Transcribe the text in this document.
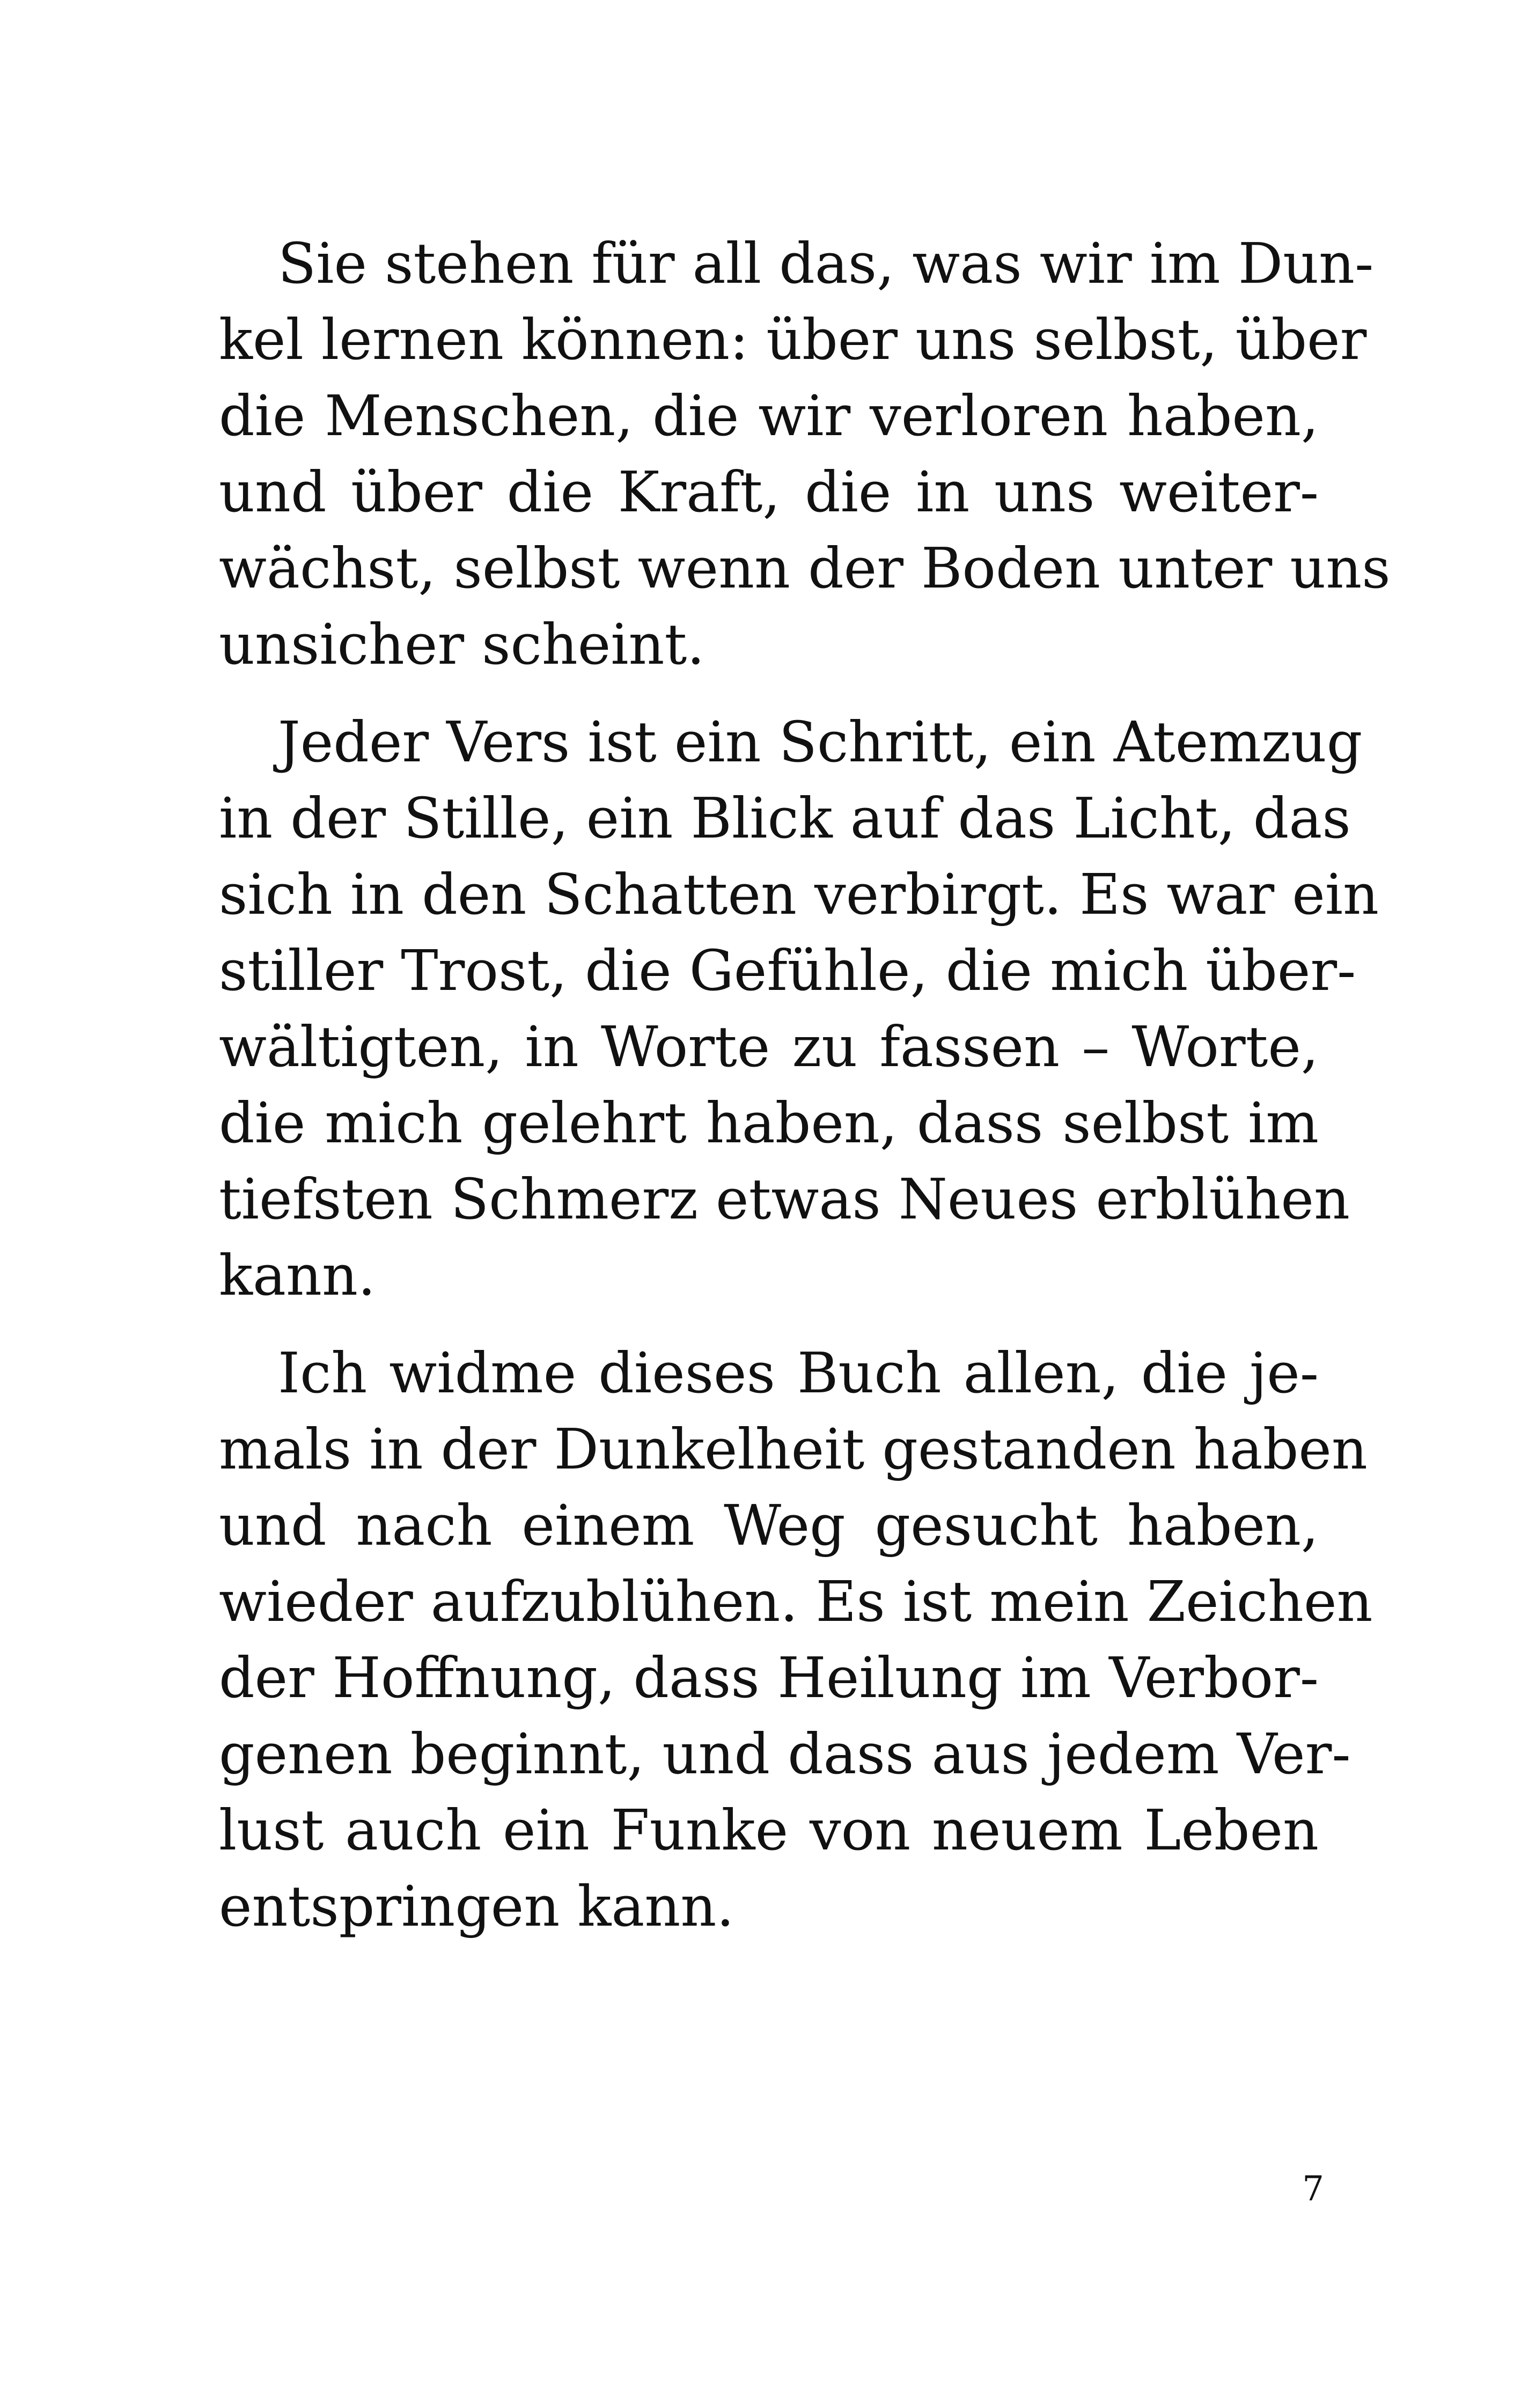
Sie stehen für all das, was wir im Dun-
kel lernen können: über uns selbst, über
die Menschen, die wir verloren haben,
und über die Kraft, die in uns weiter-
wächst, selbst wenn der Boden unter uns
unsicher scheint.
Jeder Vers ist ein Schritt, ein Atemzug
in der Stille, ein Blick auf das Licht, das
sich in den Schatten verbirgt. Es war ein
stiller Trost, die Gefühle, die mich über-
wältigten, in Worte zu fassen – Worte,
die mich gelehrt haben, dass selbst im
tiefsten Schmerz etwas Neues erblühen
kann.
Ich widme dieses Buch allen, die je-
mals in der Dunkelheit gestanden haben
und nach einem Weg gesucht haben,
wieder aufzublühen. Es ist mein Zeichen
der Hoffnung, dass Heilung im Verbor-
genen beginnt, und dass aus jedem Ver-
lust auch ein Funke von neuem Leben
entspringen kann.
7
